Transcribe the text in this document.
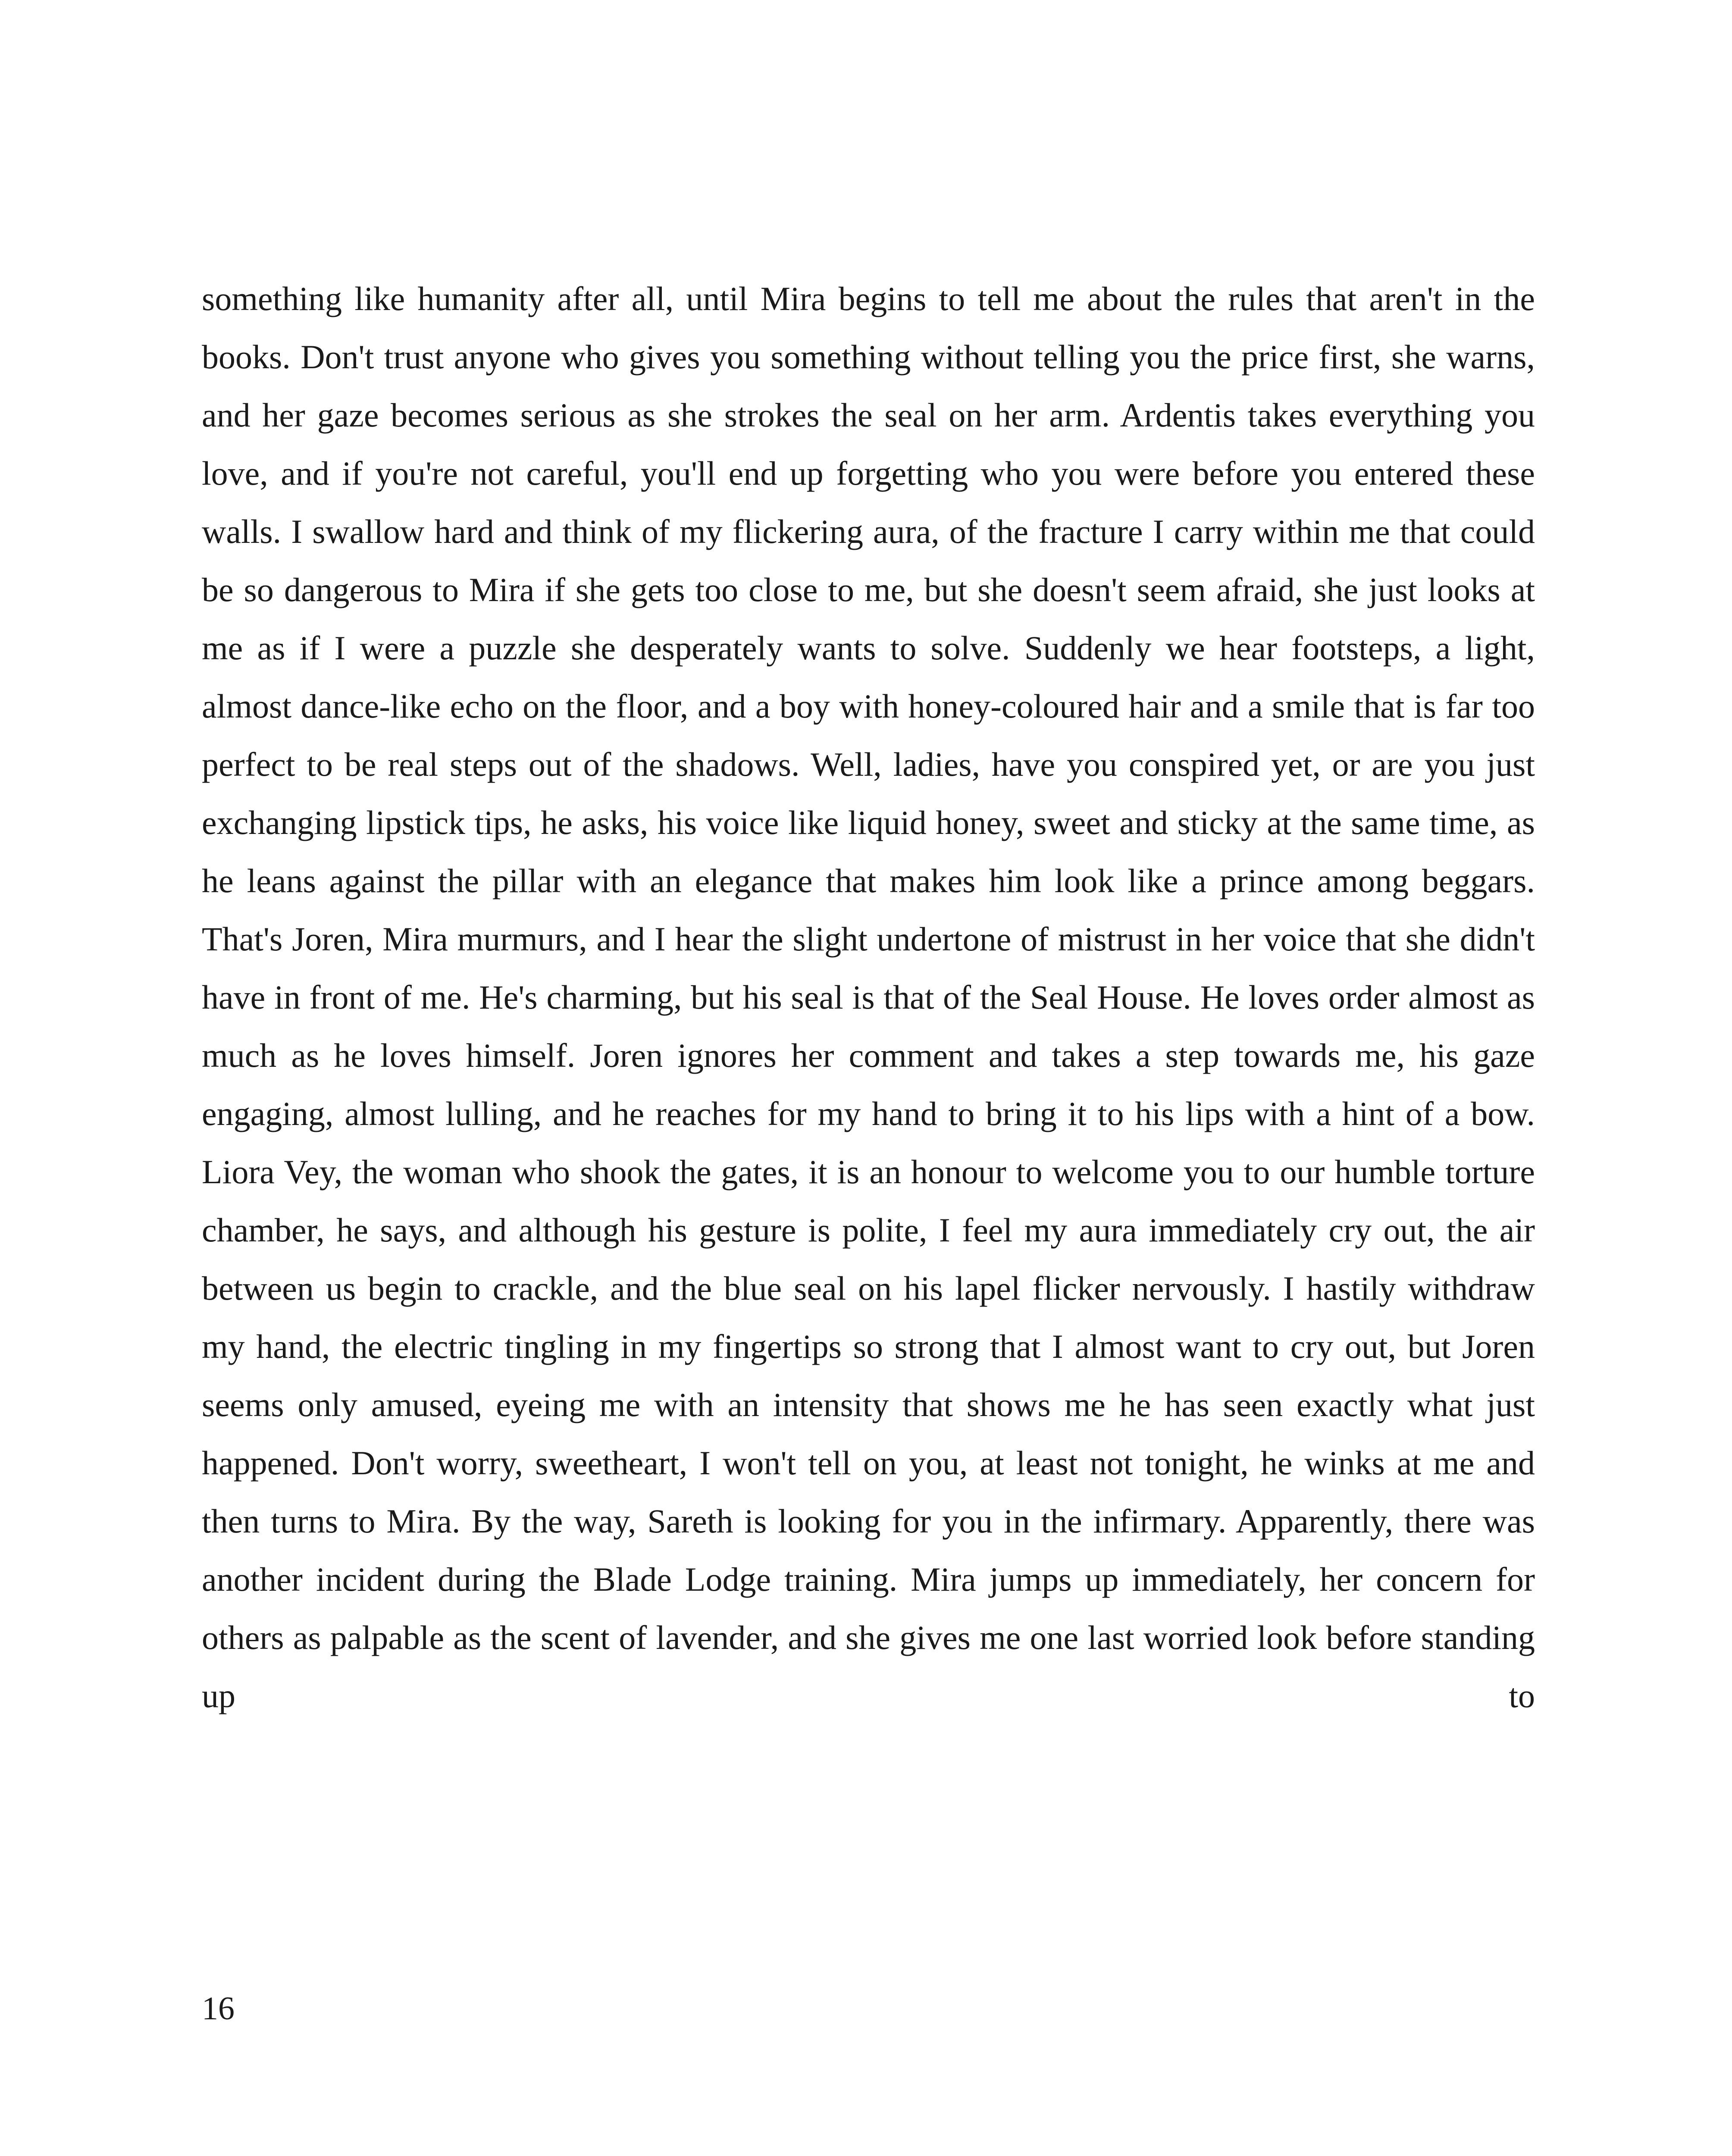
something like humanity after all, until Mira begins to tell me about the rules that aren't in the books. Don't trust anyone who gives you something without telling you the price first, she warns, and her gaze becomes serious as she strokes the seal on her arm. Ardentis takes everything you love, and if you're not careful, you'll end up forgetting who you were before you entered these walls. I swallow hard and think of my flickering aura, of the fracture I carry within me that could be so dangerous to Mira if she gets too close to me, but she doesn't seem afraid, she just looks at me as if I were a puzzle she desperately wants to solve. Suddenly we hear footsteps, a light, almost dance-like echo on the floor, and a boy with honey-coloured hair and a smile that is far too perfect to be real steps out of the shadows. Well, ladies, have you conspired yet, or are you just exchanging lipstick tips, he asks, his voice like liquid honey, sweet and sticky at the same time, as he leans against the pillar with an elegance that makes him look like a prince among beggars. That's Joren, Mira murmurs, and I hear the slight undertone of mistrust in her voice that she didn't have in front of me. He's charming, but his seal is that of the Seal House. He loves order almost as much as he loves himself. Joren ignores her comment and takes a step towards me, his gaze engaging, almost lulling, and he reaches for my hand to bring it to his lips with a hint of a bow. Liora Vey, the woman who shook the gates, it is an honour to welcome you to our humble torture chamber, he says, and although his gesture is polite, I feel my aura immediately cry out, the air between us begin to crackle, and the blue seal on his lapel flicker nervously. I hastily withdraw my hand, the electric tingling in my fingertips so strong that I almost want to cry out, but Joren seems only amused, eyeing me with an intensity that shows me he has seen exactly what just happened. Don't worry, sweetheart, I won't tell on you, at least not tonight, he winks at me and then turns to Mira. By the way, Sareth is looking for you in the infirmary. Apparently, there was another incident during the Blade Lodge training. Mira jumps up immediately, her concern for others as palpable as the scent of lavender, and she gives me one last worried look before standing up to

16
